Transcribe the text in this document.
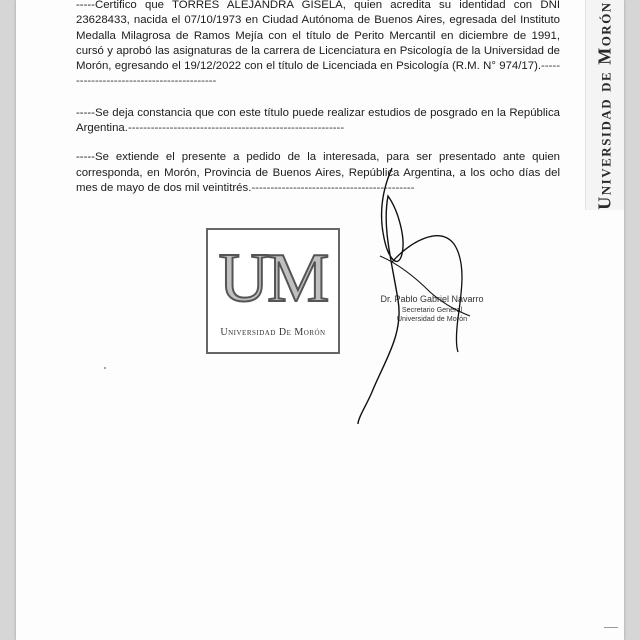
Universidad de Morón

-----Certifico que TORRES ALEJANDRA GISELA, quien acredita su identidad con DNI 23628433, nacida el 07/10/1973 en Ciudad Autónoma de Buenos Aires, egresada del Instituto Medalla Milagrosa de Ramos Mejía con el título de Perito Mercantil en diciembre de 1991, cursó y aprobó las asignaturas de la carrera de Licenciatura en Psicología de la Universidad de Morón, egresando el 19/12/2022 con el título de Licenciada en Psicología (R.M. N° 974/17).------------------------------------------

-----Se deja constancia que con este título puede realizar estudios de posgrado en la República Argentina.---------------------------------------------------------

-----Se extiende el presente a pedido de la interesada, para ser presentado ante quien corresponda, en Morón, Provincia de Buenos Aires, República Argentina, a los ocho días del mes de mayo de dos mil veintitrés.-------------------------------------------

UM
Universidad De Morón
Dr. Pablo Gabriel Navarro
Secretario General
Universidad de Morón
